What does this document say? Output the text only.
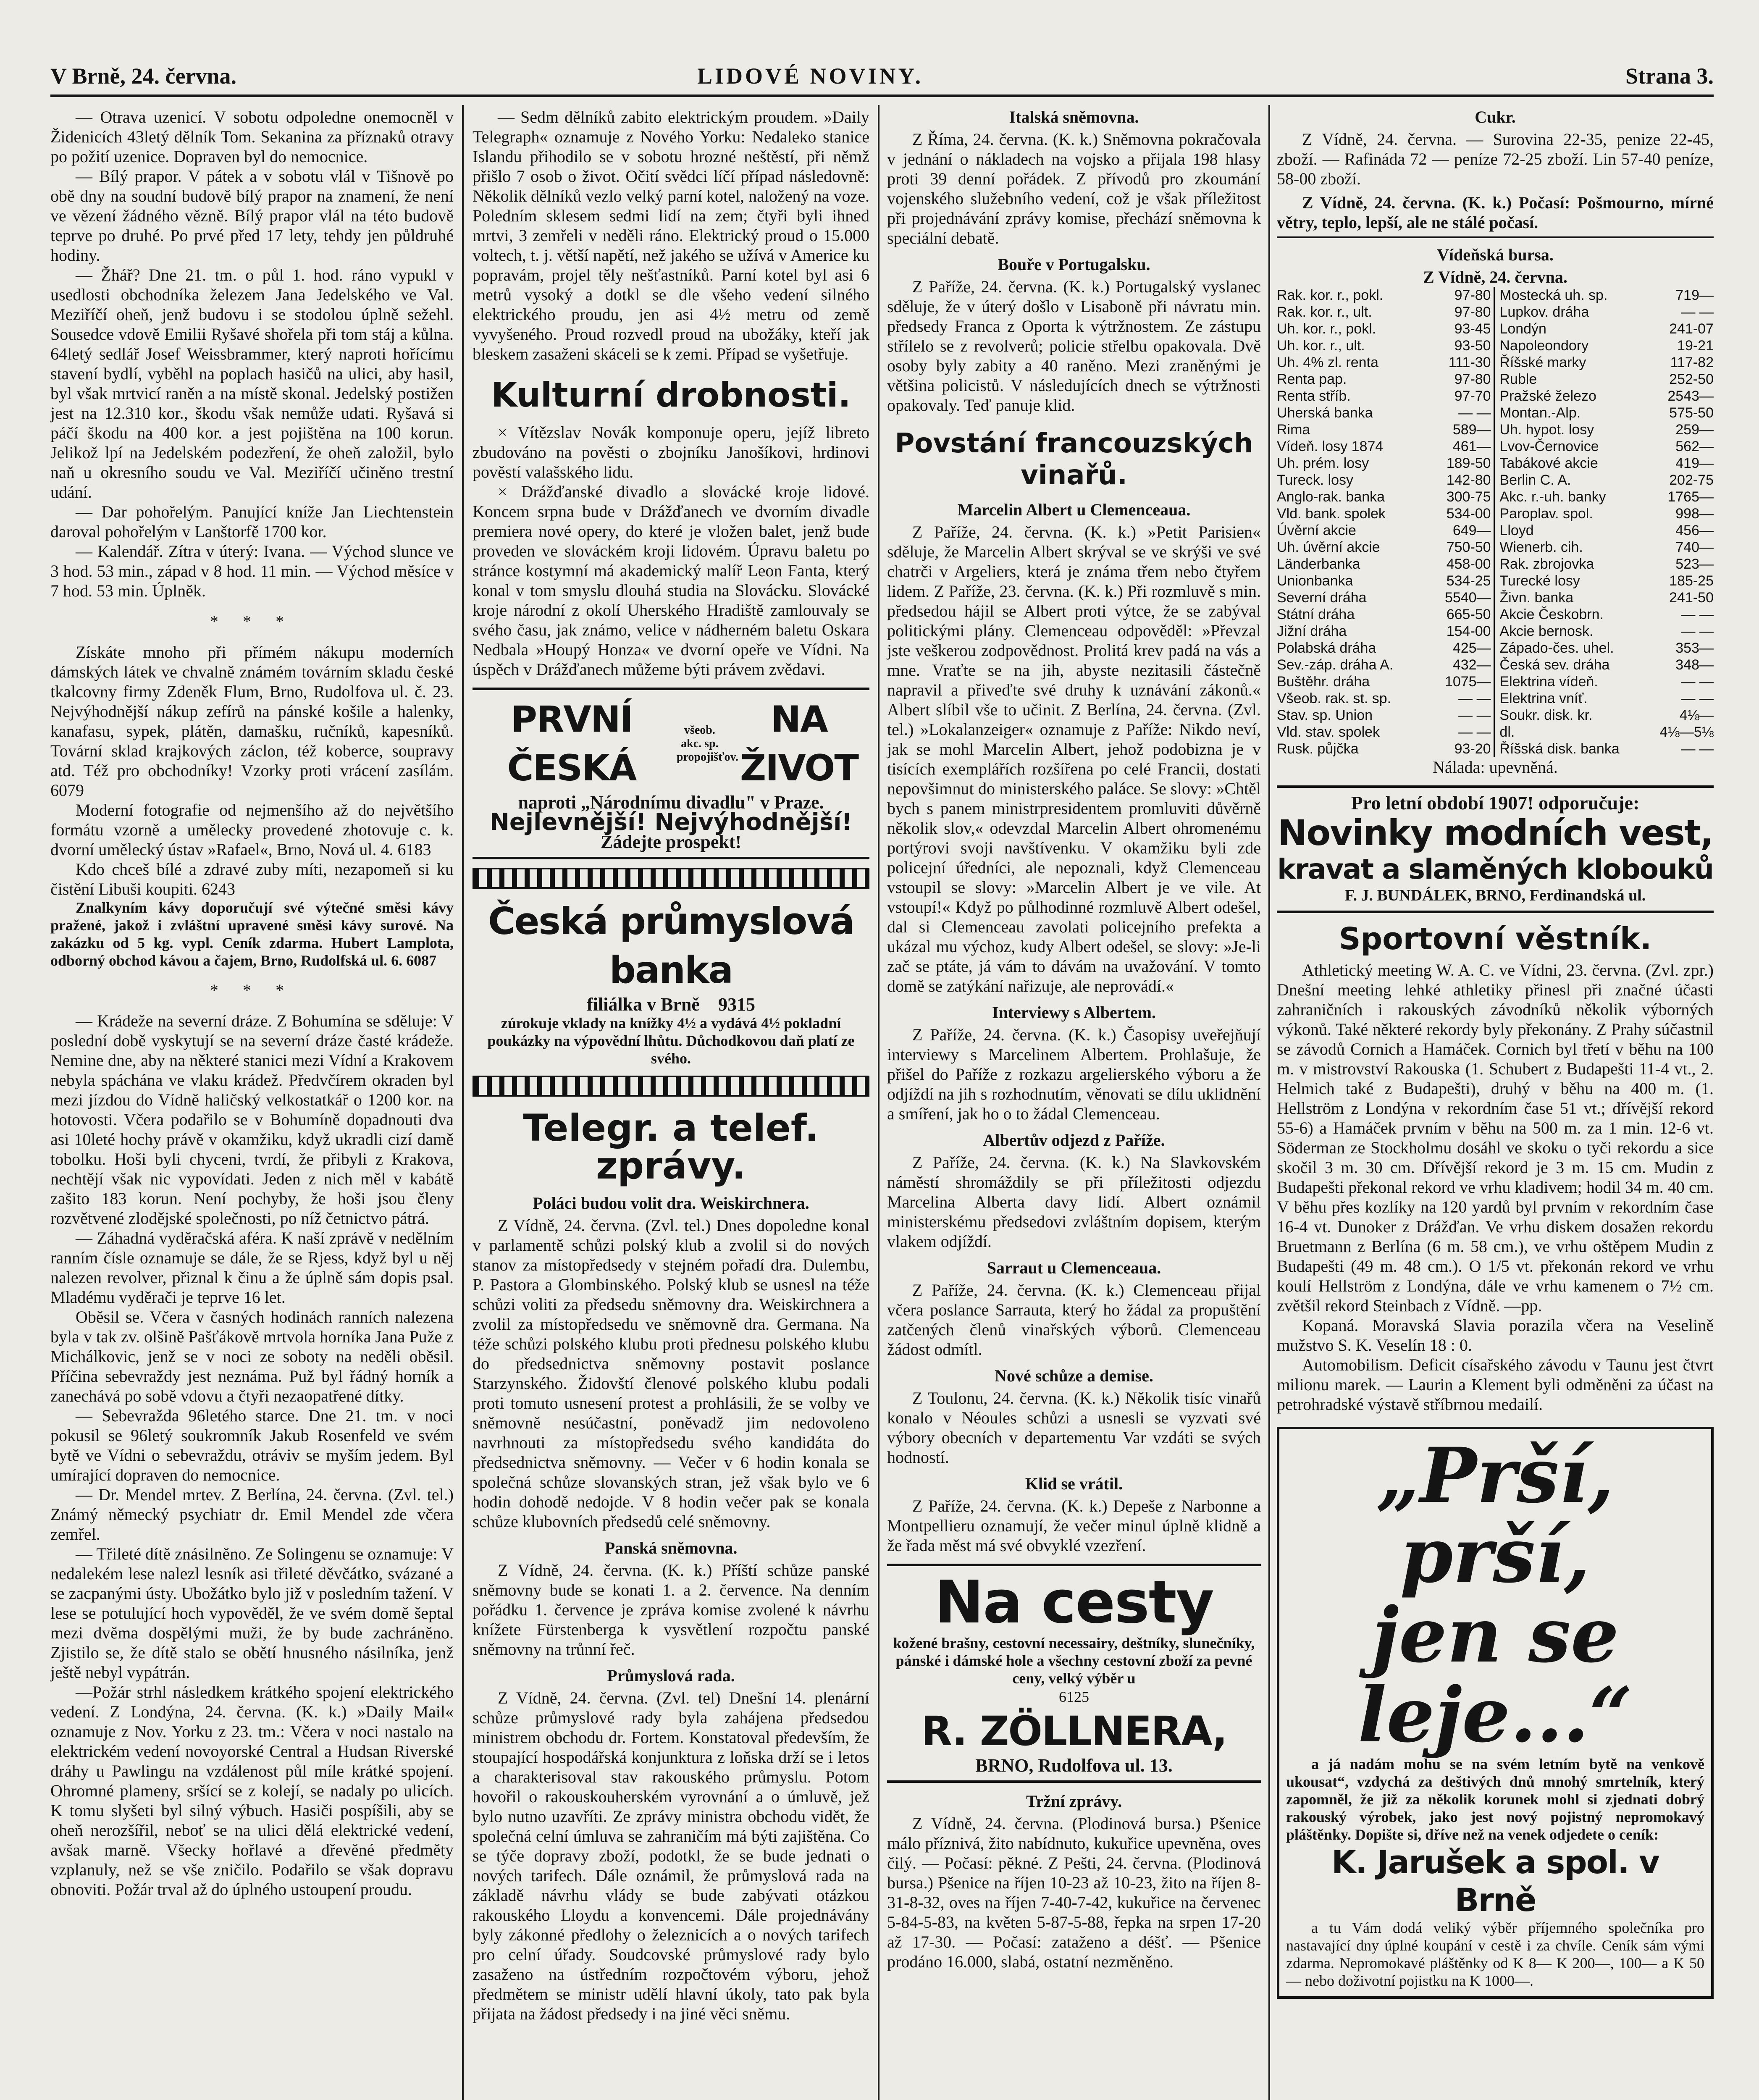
V Brně, 24. června.	LIDOVÉ NOVINY.	Strana 3.

— Otrava uzenicí. V sobotu odpoledne onemocněl v Židenicích 43letý dělník Tom. Sekanina za příznaků otravy po požití uzenice. Dopraven byl do nemocnice.

— Bílý prapor. V pátek a v sobotu vlál v Tišnově po obě dny na soudní budově bílý prapor na znamení, že není ve vězení žádného vězně. Bílý prapor vlál na této budově teprve po druhé. Po prvé před 17 lety, tehdy jen půldruhé hodiny.

— Žhář? Dne 21. tm. o půl 1. hod. ráno vypukl v usedlosti obchodníka železem Jana Jedelského ve Val. Meziříčí oheň, jenž budovu i se stodolou úplně sežehl. Sousedce vdově Emilii Ryšavé shořela při tom stáj a kůlna. 64letý sedlář Josef Weissbrammer, který naproti hořícímu stavení bydlí, vyběhl na poplach hasičů na ulici, aby hasil, byl však mrtvicí raněn a na místě skonal. Jedelský postižen jest na 12.310 kor., škodu však nemůže udati. Ryšavá si páčí škodu na 400 kor. a jest pojištěna na 100 korun. Jelikož lpí na Jedelském podezření, že oheň založil, bylo naň u okresního soudu ve Val. Meziříčí učiněno trestní udání.

— Dar pohořelým. Panující kníže Jan Liechtenstein daroval pohořelým v Lanštorfě 1700 kor.

— Kalendář. Zítra v úterý: Ivana. — Východ slunce ve 3 hod. 53 min., západ v 8 hod. 11 min. — Východ měsíce v 7 hod. 53 min. Úplněk.

* * *

Získáte mnoho při přímém nákupu moderních dámských látek ve chvalně známém továrním skladu české tkalcovny firmy Zdeněk Flum, Brno, Rudolfova ul. č. 23. Nejvýhodnější nákup zefírů na pánské košile a halenky, kanafasu, sypek, plátěn, damašku, ručníků, kapesníků. Tovární sklad krajkových záclon, též koberce, soupravy atd. Též pro obchodníky! Vzorky proti vrácení zasílám. 6079

Moderní fotografie od nejmenšího až do největšího formátu vzorně a umělecky provedené zhotovuje c. k. dvorní umělecký ústav »Rafael«, Brno, Nová ul. 4. 6183

Kdo chceš bílé a zdravé zuby míti, nezapomeň si ku čistění Libuši koupiti. 6243

Znalkyním kávy doporučují své výtečné směsi kávy pražené, jakož i zvláštní upravené směsi kávy surové. Na zakázku od 5 kg. vypl. Ceník zdarma. Hubert Lamplota, odborný obchod kávou a čajem, Brno, Rudolfská ul. 6. 6087

* * *

— Krádeže na severní dráze. Z Bohumína se sděluje: V poslední době vyskytují se na severní dráze časté krádeže. Nemine dne, aby na některé stanici mezi Vídní a Krakovem nebyla spáchána ve vlaku krádež. Předvčírem okraden byl mezi jízdou do Vídně haličský velkostatkář o 1200 kor. na hotovosti. Včera podařilo se v Bohumíně dopadnouti dva asi 10leté hochy právě v okamžiku, když ukradli cizí damě tobolku. Hoši byli chyceni, tvrdí, že přibyli z Krakova, nechtějí však nic vypovídati. Jeden z nich měl v kabátě zašito 183 korun. Není pochyby, že hoši jsou členy rozvětvené zlodějské společnosti, po níž četnictvo pátrá.

— Záhadná vyděračská aféra. K naší zprávě v nedělním ranním čísle oznamuje se dále, že se Rjess, když byl u něj nalezen revolver, přiznal k činu a že úplně sám dopis psal. Mladému vyděrači je teprve 16 let.

Oběsil se. Včera v časných hodinách ranních nalezena byla v tak zv. olšině Pašťákově mrtvola horníka Jana Puže z Michálkovic, jenž se v noci ze soboty na neděli oběsil. Příčina sebevraždy jest neznáma. Puž byl řádný horník a zanechává po sobě vdovu a čtyři nezaopatřené dítky.

— Sebevražda 96letého starce. Dne 21. tm. v noci pokusil se 96letý soukromník Jakub Rosenfeld ve svém bytě ve Vídni o sebevraždu, otráviv se myším jedem. Byl umírající dopraven do nemocnice.

— Dr. Mendel mrtev. Z Berlína, 24. června. (Zvl. tel.) Známý německý psychiatr dr. Emil Mendel zde včera zemřel.

— Třileté dítě znásilněno. Ze Solingenu se oznamuje: V nedalekém lese nalezl lesník asi třileté děvčátko, svázané a se zacpanými ústy. Ubožátko bylo již v posledním tažení. V lese se potulující hoch vypověděl, že ve svém domě šeptal mezi dvěma dospělými muži, že by bude zachráněno. Zjistilo se, že dítě stalo se obětí hnusného násilníka, jenž ještě nebyl vypátrán.

—Požár strhl následkem krátkého spojení elektrického vedení. Z Londýna, 24. června. (K. k.) »Daily Mail« oznamuje z Nov. Yorku z 23. tm.: Včera v noci nastalo na elektrickém vedení novoyorské Central a Hudsan Riverské dráhy u Pawlingu na vzdálenost půl míle krátké spojení. Ohromné plameny, sršící se z kolejí, se nadaly po ulicích. K tomu slyšeti byl silný výbuch. Hasiči pospíšili, aby se oheň nerozšířil, neboť se na ulici dělá elektrické vedení, avšak marně. Všecky hořlavé a dřevěné předměty vzplanuly, než se vše zničilo. Podařilo se však dopravu obnoviti. Požár trval až do úplného ustoupení proudu.

— Sedm dělníků zabito elektrickým proudem. »Daily Telegraph« oznamuje z Nového Yorku: Nedaleko stanice Islandu přihodilo se v sobotu hrozné neštěstí, při němž přišlo 7 osob o život. Očití svědci líčí případ následovně: Několik dělníků vezlo velký parní kotel, naložený na voze. Poledním sklesem sedmi lidí na zem; čtyři byli ihned mrtvi, 3 zemřeli v neděli ráno. Elektrický proud o 15.000 voltech, t. j. větší napětí, než jakého se užívá v Americe ku popravám, projel těly nešťastníků. Parní kotel byl asi 6 metrů vysoký a dotkl se dle všeho vedení silného elektrického proudu, jen asi 4½ metru od země vyvyšeného. Proud rozvedl proud na ubožáky, kteří jak bleskem zasaženi skáceli se k zemi. Případ se vyšetřuje.

Kulturní drobnosti.

× Vítězslav Novák komponuje operu, jejíž libreto zbudováno na pověsti o zbojníku Janošíkovi, hrdinovi pověstí valašského lidu.

× Drážďanské divadlo a slovácké kroje lidové. Koncem srpna bude v Drážďanech ve dvorním divadle premiera nové opery, do které je vložen balet, jenž bude proveden ve slováckém kroji lidovém. Úpravu baletu po stránce kostymní má akademický malíř Leon Fanta, který konal v tom smyslu dlouhá studia na Slovácku. Slovácké kroje národní z okolí Uherského Hradiště zamlouvaly se svého času, jak známo, velice v nádherném baletu Oskara Nedbala »Houpý Honza« ve dvorní opeře ve Vídni. Na úspěch v Drážďanech můžeme býti právem zvědavi.

PRVNÍ ČESKÁ
všeob. akc. sp. propojišťov.
NA ŽIVOT
naproti „Národnímu divadlu" v Praze.
Nejlevnější! Nejvýhodnější!
Žádejte prospekt!
Česká průmyslová banka
filiálka v Brně 9315
zúrokuje vklady na knížky 4½ a vydává 4½ pokladní poukázky na výpovědní lhůtu. Důchodkovou daň platí ze svého.
Telegr. a telef. zprávy.
Poláci budou volit dra. Weiskirchnera.

Z Vídně, 24. června. (Zvl. tel.) Dnes dopoledne konal v parlamentě schůzi polský klub a zvolil si do nových stanov za místopředsedy v stejném pořadí dra. Dulembu, P. Pastora a Glombinského. Polský klub se usnesl na téže schůzi voliti za předsedu sněmovny dra. Weiskirchnera a zvolil za místopředsedu ve sněmovně dra. Germana. Na téže schůzi polského klubu proti přednesu polského klubu do předsednictva sněmovny postavit poslance Starzynského. Židovští členové polského klubu podali proti tomuto usnesení protest a prohlásili, že se volby ve sněmovně nesúčastní, poněvadž jim nedovoleno navrhnouti za místopředsedu svého kandidáta do předsednictva sněmovny. — Večer v 6 hodin konala se společná schůze slovanských stran, jež však bylo ve 6 hodin dohodě nedojde. V 8 hodin večer pak se konala schůze klubovních předsedů celé sněmovny.

Panská sněmovna.

Z Vídně, 24. června. (K. k.) Příští schůze panské sněmovny bude se konati 1. a 2. července. Na denním pořádku 1. července je zpráva komise zvolené k návrhu knížete Fürstenberga k vysvětlení rozpočtu panské sněmovny na trůnní řeč.

Průmyslová rada.

Z Vídně, 24. června. (Zvl. tel) Dnešní 14. plenární schůze průmyslové rady byla zahájena předsedou ministrem obchodu dr. Fortem. Konstatoval především, že stoupající hospodářská konjunktura z loňska drží se i letos a charakterisoval stav rakouského průmyslu. Potom hovořil o rakouskouherském vyrovnání a o úmluvě, jež bylo nutno uzavříti. Ze zprávy ministra obchodu vidět, že společná celní úmluva se zahraničím má býti zajištěna. Co se týče dopravy zboží, podotkl, že se bude jednati o nových tarifech. Dále oznámil, že průmyslová rada na základě návrhu vlády se bude zabývati otázkou rakouského Lloydu a konvencemi. Dále projednávány byly zákonné předlohy o železnicích a o nových tarifech pro celní úřady. Soudcovské průmyslové rady bylo zasaženo na ústředním rozpočtovém výboru, jehož předmětem se ministr udělí hlavní úkoly, tato pak byla přijata na žádost předsedy i na jiné věci sněmu.

Italská sněmovna.

Z Říma, 24. června. (K. k.) Sněmovna pokračovala v jednání o nákladech na vojsko a přijala 198 hlasy proti 39 denní pořádek. Z přívodů pro zkoumání vojenského služebního vedení, což je však příležitost při projednávání zprávy komise, přechází sněmovna k speciální debatě.

Bouře v Portugalsku.

Z Paříže, 24. června. (K. k.) Portugalský vyslanec sděluje, že v úterý došlo v Lisaboně při návratu min. předsedy Franca z Oporta k výtržnostem. Ze zástupu střílelo se z revolverů; policie střelbu opakovala. Dvě osoby byly zabity a 40 raněno. Mezi zraněnými je většina policistů. V následujících dnech se výtržnosti opakovaly. Teď panuje klid.

Povstání francouzských vinařů.
Marcelin Albert u Clemenceaua.

Z Paříže, 24. června. (K. k.) »Petit Parisien« sděluje, že Marcelin Albert skrýval se ve skrýši ve své chatrči v Argeliers, která je známa třem nebo čtyřem lidem. Z Paříže, 23. června. (K. k.) Při rozmluvě s min. předsedou hájil se Albert proti výtce, že se zabýval politickými plány. Clemenceau odpověděl: »Převzal jste veškerou zodpovědnost. Prolitá krev padá na vás a mne. Vraťte se na jih, abyste nezitasili částečně napravil a přiveďte své druhy k uznávání zákonů.« Albert slíbil vše to učinit. Z Berlína, 24. června. (Zvl. tel.) »Lokalanzeiger« oznamuje z Paříže: Nikdo neví, jak se mohl Marcelin Albert, jehož podobizna je v tisících exemplářích rozšířena po celé Francii, dostati nepovšimnut do ministerského paláce. Se slovy: »Chtěl bych s panem ministrpresidentem promluviti důvěrně několik slov,« odevzdal Marcelin Albert ohromenému portýrovi svoji navštívenku. V okamžiku byli zde policejní úředníci, ale nepoznali, když Clemenceau vstoupil se slovy: »Marcelin Albert je ve vile. At vstoupí!« Když po půlhodinné rozmluvě Albert odešel, dal si Clemenceau zavolati policejního prefekta a ukázal mu výchoz, kudy Albert odešel, se slovy: »Je-li zač se ptáte, já vám to dávám na uvažování. V tomto domě se zatýkání nařizuje, ale neprovádí.«

Interviewy s Albertem.

Z Paříže, 24. června. (K. k.) Časopisy uveřejňují interviewy s Marcelinem Albertem. Prohlašuje, že přišel do Paříže z rozkazu argelierského výboru a že odjíždí na jih s rozhodnutím, věnovati se dílu uklidnění a smíření, jak ho o to žádal Clemenceau.

Albertův odjezd z Paříže.

Z Paříže, 24. června. (K. k.) Na Slavkovském náměstí shromáždily se při příležitosti odjezdu Marcelina Alberta davy lidí. Albert oznámil ministerskému předsedovi zvláštním dopisem, kterým vlakem odjíždí.

Sarraut u Clemenceaua.

Z Paříže, 24. června. (K. k.) Clemenceau přijal včera poslance Sarrauta, který ho žádal za propuštění zatčených členů vinařských výborů. Clemenceau žádost odmítl.

Nové schůze a demise.

Z Toulonu, 24. června. (K. k.) Několik tisíc vinařů konalo v Néoules schůzi a usnesli se vyzvati své výbory obecních v departementu Var vzdáti se svých hodností.

Klid se vrátil.

Z Paříže, 24. června. (K. k.) Depeše z Narbonne a Montpellieru oznamují, že večer minul úplně klidně a že řada měst má své obvyklé vzezření.

Na cesty
kožené brašny, cestovní necessairy, deštníky, slunečníky, pánské i dámské hole a všechny cestovní zboží za pevné ceny, velký výběr u
6125
R. ZÖLLNERA,
BRNO, Rudolfova ul. 13.
Tržní zprávy.

Z Vídně, 24. června. (Plodinová bursa.) Pšenice málo příznivá, žito nabídnuto, kukuřice upevněna, oves čilý. — Počasí: pěkné. Z Pešti, 24. června. (Plodinová bursa.) Pšenice na říjen 10-23 až 10-23, žito na říjen 8-31-8-32, oves na říjen 7-40-7-42, kukuřice na červenec 5-84-5-83, na květen 5-87-5-88, řepka na srpen 17-20 až 17-30. — Počasí: zataženo a déšť. — Pšenice prodáno 16.000, slabá, ostatní nezměněno.

Cukr.

Z Vídně, 24. června. — Surovina 22-35, penize 22-45, zboží. — Rafináda 72 — peníze 72-25 zboží. Lin 57-40 peníze, 58-00 zboží.

Z Vídně, 24. června. (K. k.) Počasí: Pošmourno, mírné větry, teplo, lepší, ale ne stálé počasí.

Vídeňská bursa.
Z Vídně, 24. června.
Rak. kor. r., pokl.	97-80 Mostecká uh. sp.	719—
Rak. kor. r., ult.	97-80 Lupkov. dráha	— —
Uh. kor. r., pokl.	93-45 Londýn	241-07
Uh. kor. r., ult.	93-50 Napoleondory	19-21
Uh. 4% zl. renta	111-30 Říšské marky	117-82
Renta pap.	97-80 Ruble	252-50
Renta stříb.	97-70 Pražské železo	2543—
Uherská banka	— — Montan.-Alp.	575-50
Rima	589— Uh. hypot. losy	259—
Vídeň. losy 1874	461— Lvov-Černovice	562—
Uh. prém. losy	189-50 Tabákové akcie	419—
Tureck. losy	142-80 Berlin C. A.	202-75
Anglo-rak. banka	300-75 Akc. r.-uh. banky	1765—
Vld. bank. spolek	534-00 Paroplav. spol.	998—
Úvěrní akcie	649— Lloyd	456—
Uh. úvěrní akcie	750-50 Wienerb. cih.	740—
Länderbanka	458-00 Rak. zbrojovka	523—
Unionbanka	534-25 Turecké losy	185-25
Severní dráha	5540— Živn. banka	241-50
Státní dráha	665-50 Akcie Českobrn.	— —
Jižní dráha	154-00 Akcie bernosk.	— —
Polabská dráha	425— Západo-čes. uhel.	353—
Sev.-záp. dráha A.	432— Česká sev. dráha	348—
Buštěhr. dráha	1075— Elektrina vídeň.	— —
Všeob. rak. st. sp.	— — Elektrina vníť.	— —
Stav. sp. Union	— — Soukr. disk. kr.	4⅛—
Vld. stav. spolek	— — dl.	4⅛—5⅛
Rusk. půjčka	93-20 Říšská disk. banka	— —
Nálada: upevněná.
Pro letní období 1907! odporučuje:
Novinky modních vest,
kravat a slaměných klobouků
F. J. BUNDÁLEK, BRNO, Ferdinandská ul.
Sportovní věstník.

Athletický meeting W. A. C. ve Vídni, 23. června. (Zvl. zpr.) Dnešní meeting lehké athletiky přinesl při značné účasti zahraničních i rakouských závodníků několik výborných výkonů. Také některé rekordy byly překonány. Z Prahy súčastnil se závodů Cornich a Hamáček. Cornich byl třetí v běhu na 100 m. v mistrovství Rakouska (1. Schubert z Budapešti 11-4 vt., 2. Helmich také z Budapešti), druhý v běhu na 400 m. (1. Hellström z Londýna v rekordním čase 51 vt.; dřívější rekord 55-6) a Hamáček prvním v běhu na 500 m. za 1 min. 12-6 vt. Söderman ze Stockholmu dosáhl ve skoku o tyči rekordu a sice skočil 3 m. 30 cm. Dřívější rekord je 3 m. 15 cm. Mudin z Budapešti překonal rekord ve vrhu kladivem; hodil 34 m. 40 cm. V běhu přes kozlíky na 120 yardů byl prvním v rekordním čase 16-4 vt. Dunoker z Drážďan. Ve vrhu diskem dosažen rekordu Bruetmann z Berlína (6 m. 58 cm.), ve vrhu oštěpem Mudin z Budapešti (49 m. 48 cm.). O 1/5 vt. překonán rekord ve vrhu koulí Hellström z Londýna, dále ve vrhu kamenem o 7½ cm. zvětšil rekord Steinbach z Vídně. —pp.

Kopaná. Moravská Slavia porazila včera na Veselině mužstvo S. K. Veselín 18 : 0.

Automobilism. Deficit císařského závodu v Taunu jest čtvrt milionu marek. — Laurin a Klement byli odměněni za účast na petrohradské výstavě stříbrnou medailí.

„Prší, prší,
jen se leje...“

a já nadám mohu se na svém letním bytě na venkově ukousat“, vzdychá za deštivých dnů mnohý smrtelník, který zapomněl, že již za několik korunek mohl si zjednati dobrý rakouský výrobek, jako jest nový pojistný nepromokavý pláštěnky. Dopište si, dříve než na venek odjedete o ceník:

K. Jarušek a spol. v Brně

a tu Vám dodá veliký výběr příjemného společníka pro nastavající dny úplné koupání v cestě i za chvíle. Ceník sám vými zdarma. Nepromokavé pláštěnky od K 8— K 200—, 100— a K 50— nebo doživotní pojistku na K 1000—.
